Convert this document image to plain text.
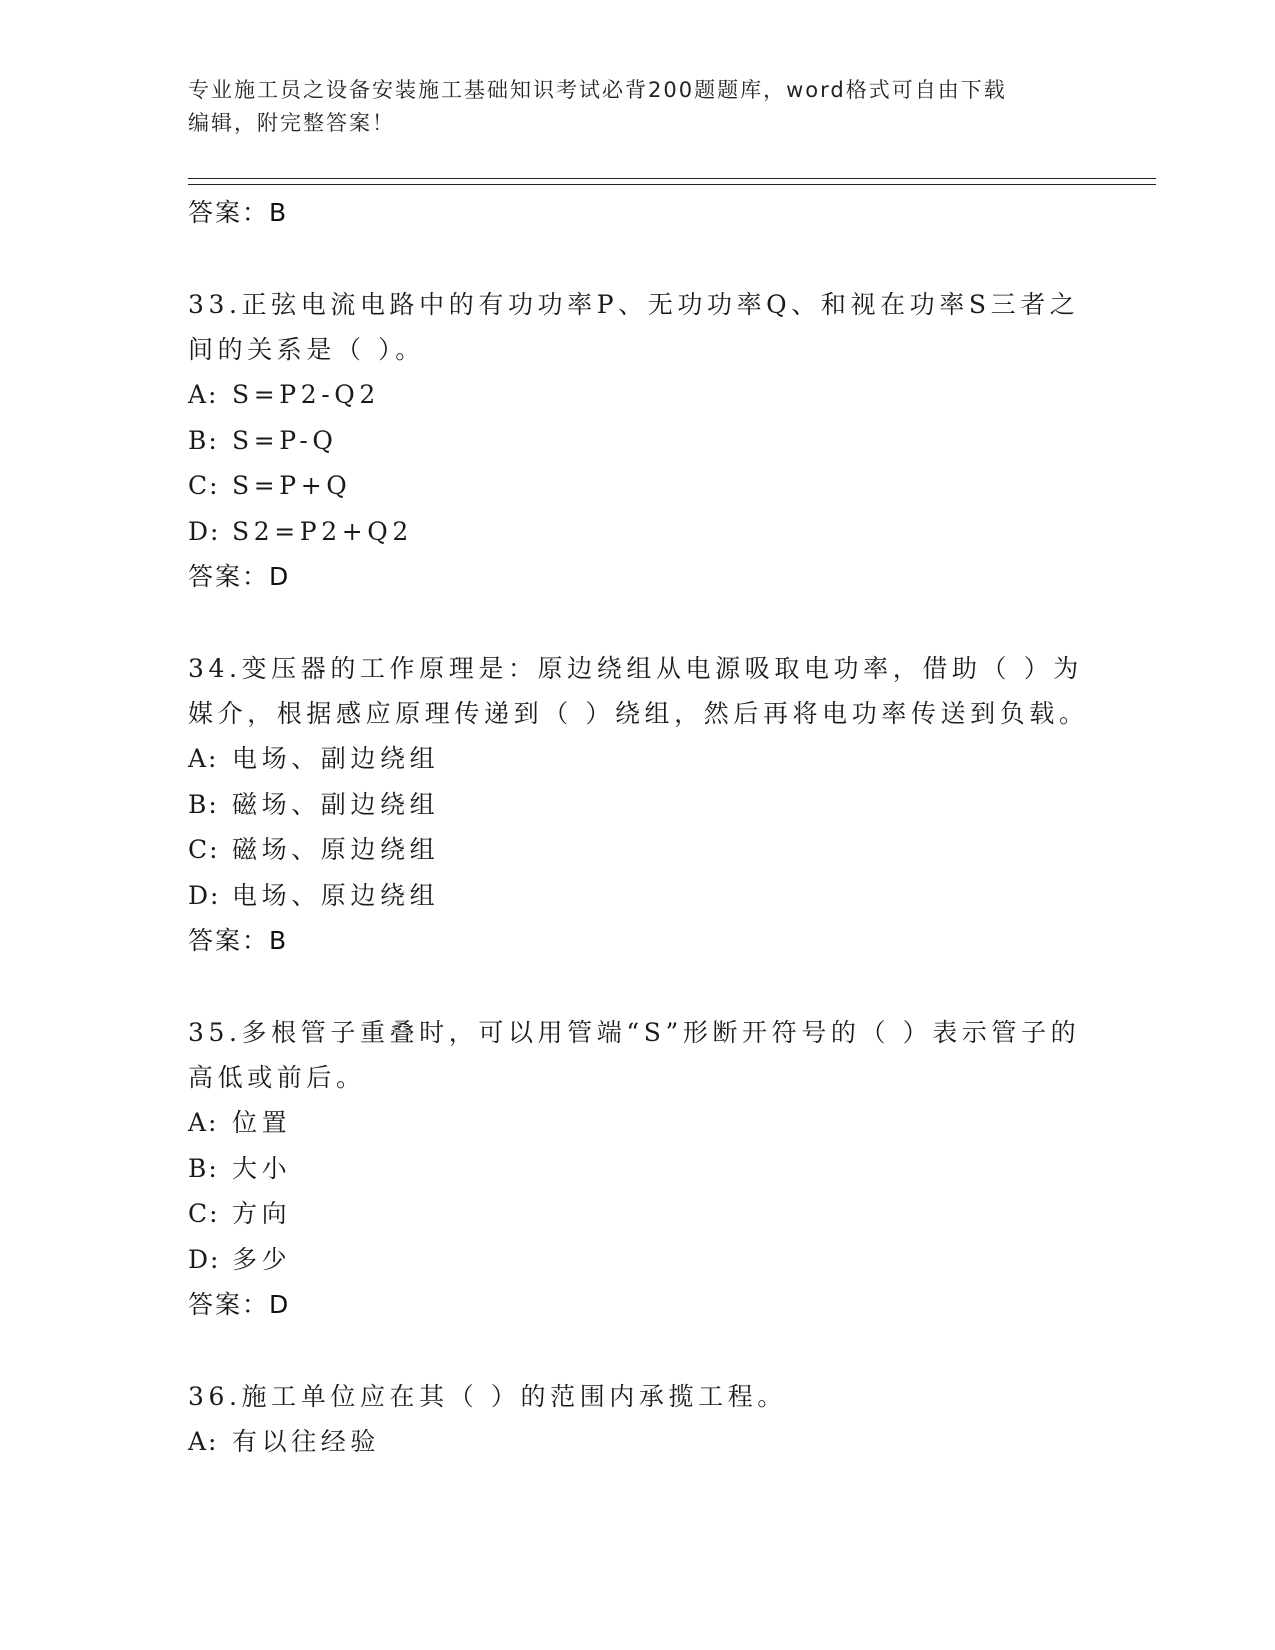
专业施工员之设备安装施工基础知识考试必背200题题库，word格式可自由下载
编辑，附完整答案！
答案：B
33.正弦电流电路中的有功功率P、无功功率Q、和视在功率S三者之
间的关系是（ ）。
A: S=P2-Q2
B: S=P-Q
C: S=P+Q
D: S2=P2+Q2
答案：D
34.变压器的工作原理是：原边绕组从电源吸取电功率，借助（ ）为
媒介，根据感应原理传递到（ ）绕组，然后再将电功率传送到负载。
A: 电场、副边绕组
B: 磁场、副边绕组
C: 磁场、原边绕组
D: 电场、原边绕组
答案：B
35.多根管子重叠时，可以用管端“S”形断开符号的（ ）表示管子的
高低或前后。
A: 位置
B: 大小
C: 方向
D: 多少
答案：D
36.施工单位应在其（ ）的范围内承揽工程。
A: 有以往经验
